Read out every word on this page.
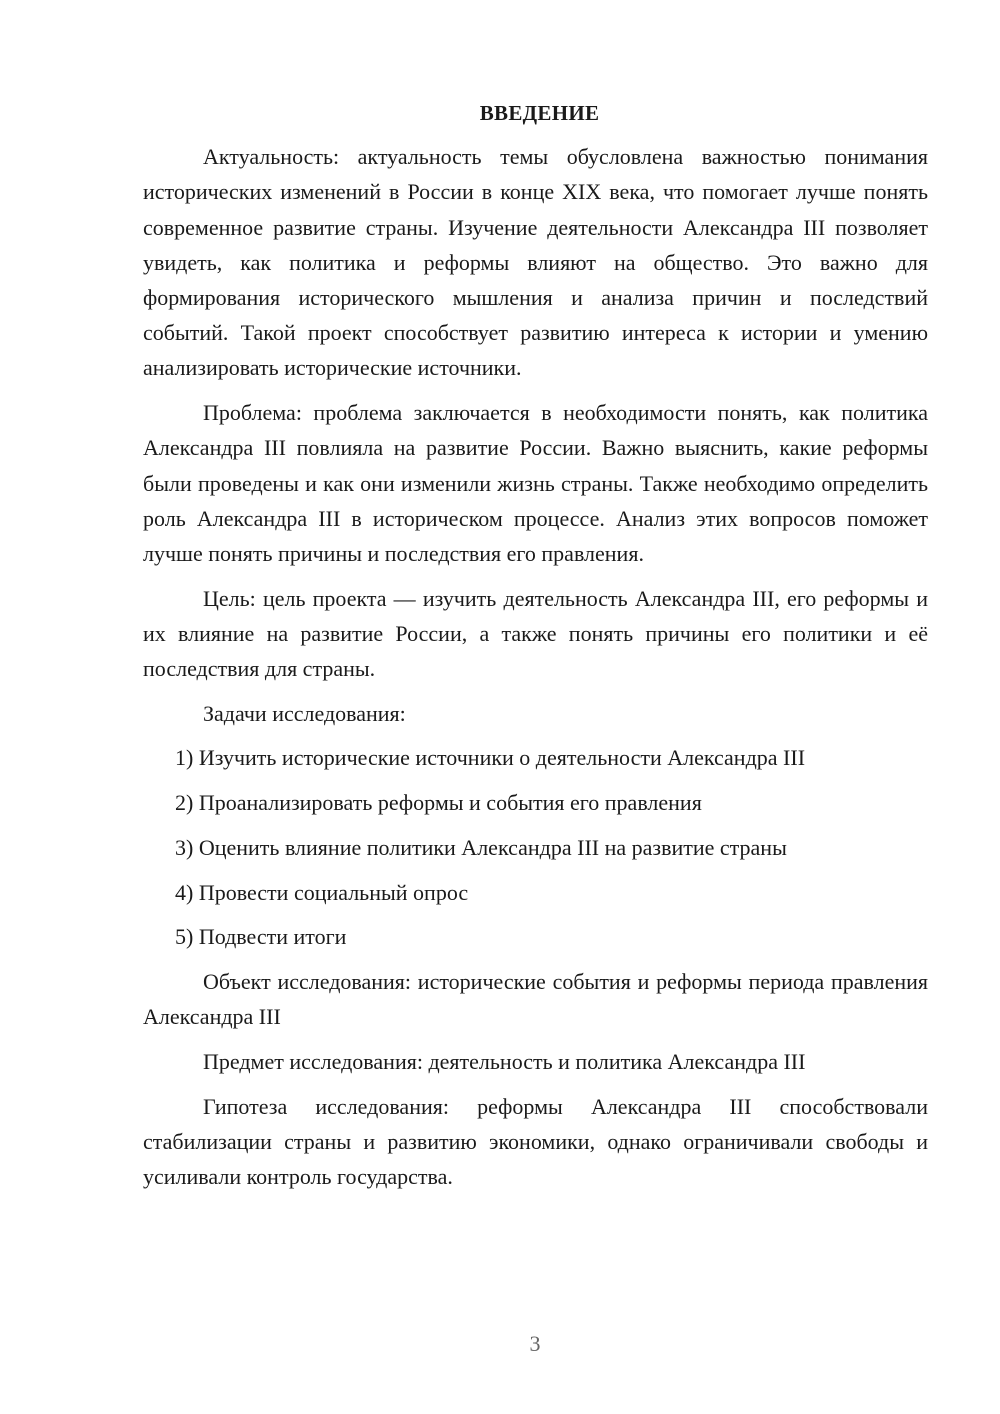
ВВЕДЕНИЕ

Актуальность: актуальность темы обусловлена важностью понимания исторических изменений в России в конце XIX века, что помогает лучше понять современное развитие страны. Изучение деятельности Александра III позволяет увидеть, как политика и реформы влияют на общество. Это важно для формирования исторического мышления и анализа причин и последствий событий. Такой проект способствует развитию интереса к истории и умению анализировать исторические источники.

Проблема: проблема заключается в необходимости понять, как политика Александра III повлияла на развитие России. Важно выяснить, какие реформы были проведены и как они изменили жизнь страны. Также необходимо определить роль Александра III в историческом процессе. Анализ этих вопросов поможет лучше понять причины и последствия его правления.

Цель: цель проекта — изучить деятельность Александра III, его реформы и их влияние на развитие России, а также понять причины его политики и её последствия для страны.

Задачи исследования:

1) Изучить исторические источники о деятельности Александра III

2) Проанализировать реформы и события его правления

3) Оценить влияние политики Александра III на развитие страны

4) Провести социальный опрос

5) Подвести итоги

Объект исследования: исторические события и реформы периода правления Александра III

Предмет исследования: деятельность и политика Александра III

Гипотеза исследования: реформы Александра III способствовали стабилизации страны и развитию экономики, однако ограничивали свободы и усиливали контроль государства.

3
